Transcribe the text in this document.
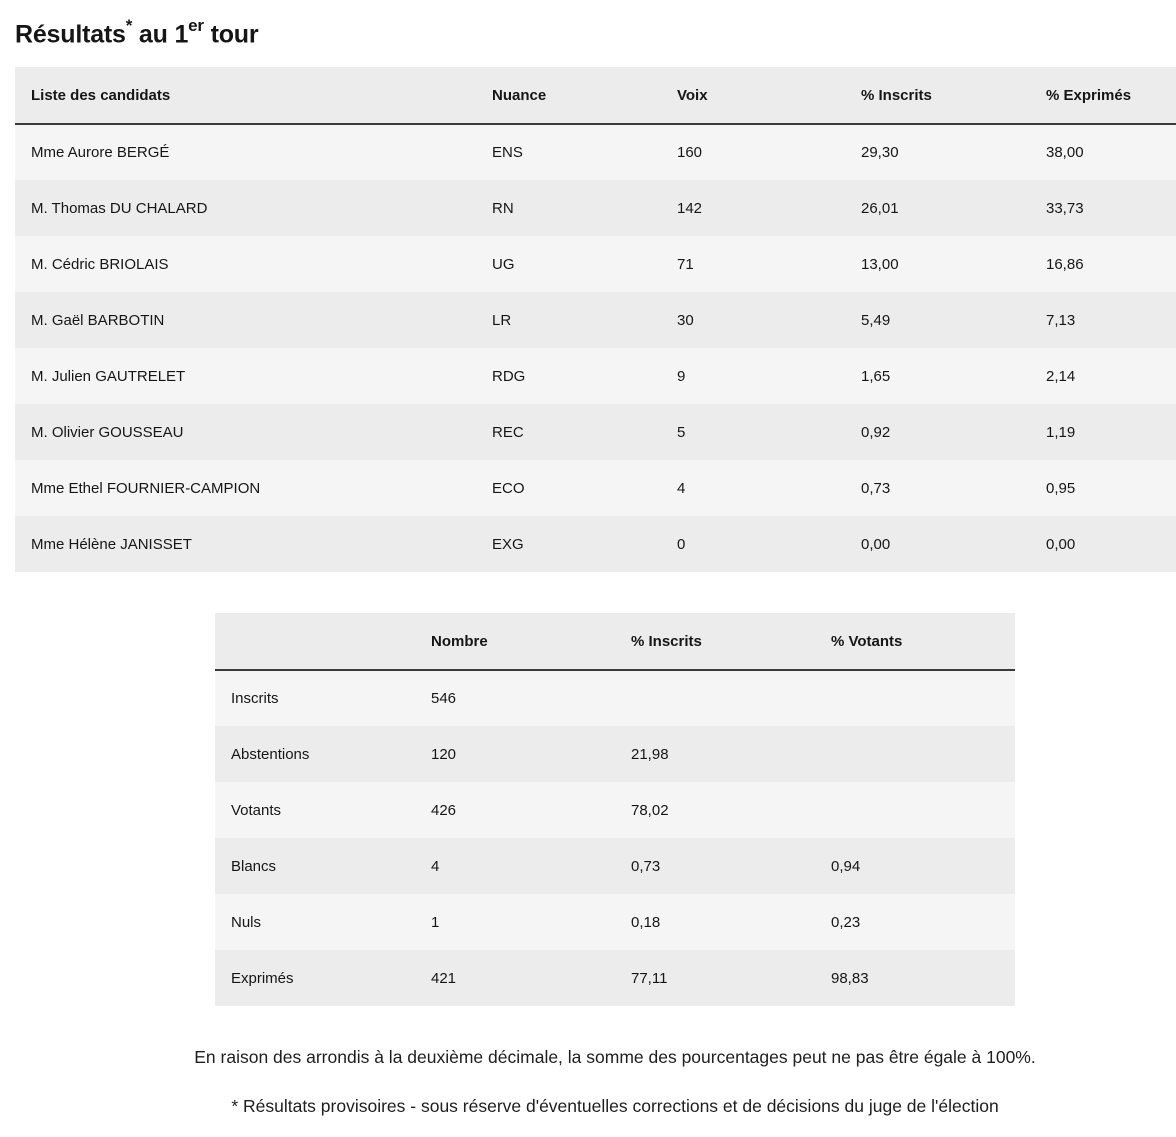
Résultats* au 1er tour
Liste des candidats	Nuance	Voix	% Inscrits	% Exprimés
Mme Aurore BERGÉ	ENS	160	29,30	38,00
M. Thomas DU CHALARD	RN	142	26,01	33,73
M. Cédric BRIOLAIS	UG	71	13,00	16,86
M. Gaël BARBOTIN	LR	30	5,49	7,13
M. Julien GAUTRELET	RDG	9	1,65	2,14
M. Olivier GOUSSEAU	REC	5	0,92	1,19
Mme Ethel FOURNIER-CAMPION	ECO	4	0,73	0,95
Mme Hélène JANISSET	EXG	0	0,00	0,00
	Nombre	% Inscrits	% Votants
Inscrits	546		
Abstentions	120	21,98	
Votants	426	78,02	
Blancs	4	0,73	0,94
Nuls	1	0,18	0,23
Exprimés	421	77,11	98,83

En raison des arrondis à la deuxième décimale, la somme des pourcentages peut ne pas être égale à 100%.

* Résultats provisoires - sous réserve d'éventuelles corrections et de décisions du juge de l'élection
